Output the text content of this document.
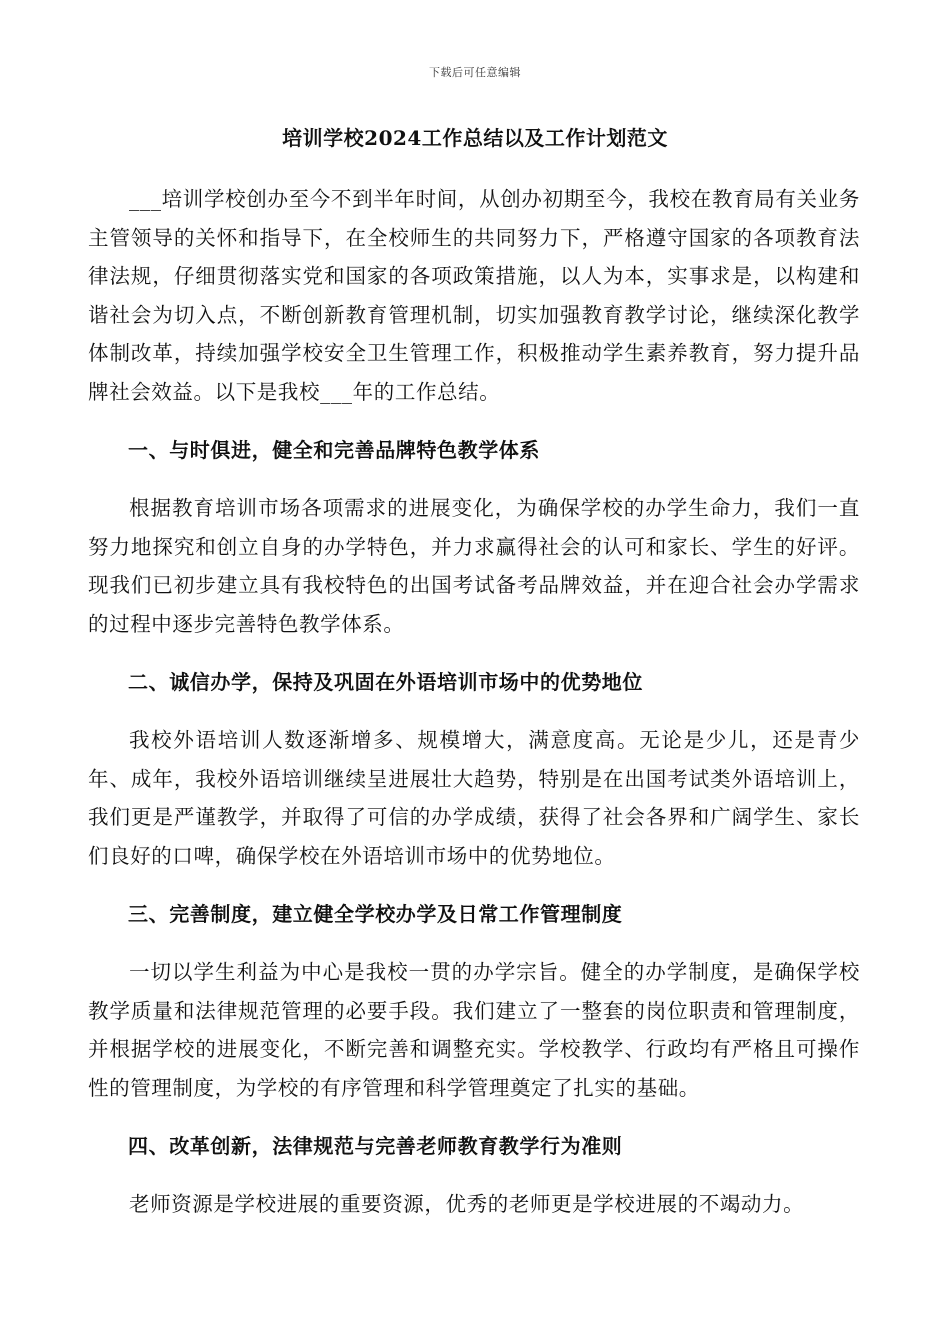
下载后可任意编辑
培训学校2024工作总结以及工作计划范文

___培训学校创办至今不到半年时间，从创办初期至今，我校在教育局有关业务主管领导的关怀和指导下，在全校师生的共同努力下，严格遵守国家的各项教育法律法规，仔细贯彻落实党和国家的各项政策措施，以人为本，实事求是，以构建和谐社会为切入点，不断创新教育管理机制，切实加强教育教学讨论，继续深化教学体制改革，持续加强学校安全卫生管理工作，积极推动学生素养教育，努力提升品牌社会效益。以下是我校___年的工作总结。

一、与时俱进，健全和完善品牌特色教学体系

根据教育培训市场各项需求的进展变化，为确保学校的办学生命力，我们一直努力地探究和创立自身的办学特色，并力求赢得社会的认可和家长、学生的好评。现我们已初步建立具有我校特色的出国考试备考品牌效益，并在迎合社会办学需求的过程中逐步完善特色教学体系。

二、诚信办学，保持及巩固在外语培训市场中的优势地位

我校外语培训人数逐渐增多、规模增大，满意度高。无论是少儿，还是青少年、成年，我校外语培训继续呈进展壮大趋势，特别是在出国考试类外语培训上，我们更是严谨教学，并取得了可信的办学成绩，获得了社会各界和广阔学生、家长们良好的口啤，确保学校在外语培训市场中的优势地位。

三、完善制度，建立健全学校办学及日常工作管理制度

一切以学生利益为中心是我校一贯的办学宗旨。健全的办学制度，是确保学校教学质量和法律规范管理的必要手段。我们建立了一整套的岗位职责和管理制度，并根据学校的进展变化，不断完善和调整充实。学校教学、行政均有严格且可操作性的管理制度，为学校的有序管理和科学管理奠定了扎实的基础。

四、改革创新，法律规范与完善老师教育教学行为准则

老师资源是学校进展的重要资源，优秀的老师更是学校进展的不竭动力。
